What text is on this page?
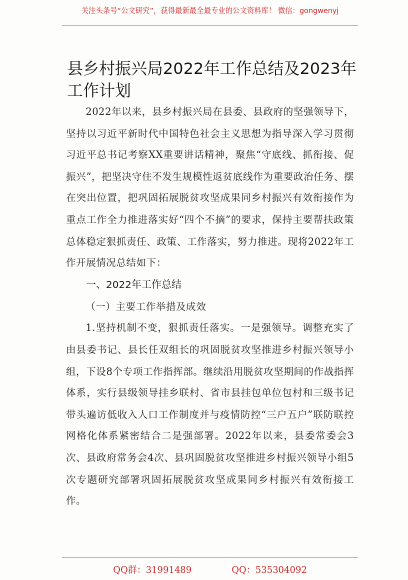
关注头条号“公文研究”，获得最新最全最专业的公文资料库！ 微信：gongwenyj
县乡村振兴局2022年工作总结及2023年工作计划

2022年以来，县乡村振兴局在县委、县政府的坚强领导下，坚持以习近平新时代中国特色社会主义思想为指导深入学习贯彻习近平总书记考察XX重要讲话精神，聚焦“守底线、抓衔接、促振兴”，把坚决守住不发生规模性返贫底线作为重要政治任务、摆在突出位置，把巩固拓展脱贫攻坚成果同乡村振兴有效衔接作为重点工作全力推进落实好“四个不摘”的要求，保持主要帮扶政策总体稳定狠抓责任、政策、工作落实，努力推进。现将2022年工作开展情况总结如下：

一、2022年工作总结

（一）主要工作举措及成效

1.坚持机制不变，狠抓责任落实。一是强领导。调整充实了由县委书记、县长任双组长的巩固脱贫攻坚推进乡村振兴领导小组，下设8个专项工作指挥部。继续沿用脱贫攻坚期间的作战指挥体系，实行县级领导挂乡联村、省市县挂包单位包村和三级书记带头遍访低收入人口工作制度并与疫情防控“三户五户”联防联控网格化体系紧密结合二是强部署。2022年以来，县委常委会3次、县政府常务会4次、县巩固脱贫攻坚推进乡村振兴领导小组5次专题研究部署巩固拓展脱贫攻坚成果同乡村振兴有效衔接工作。

QQ群：31991489	QQ：535304092
